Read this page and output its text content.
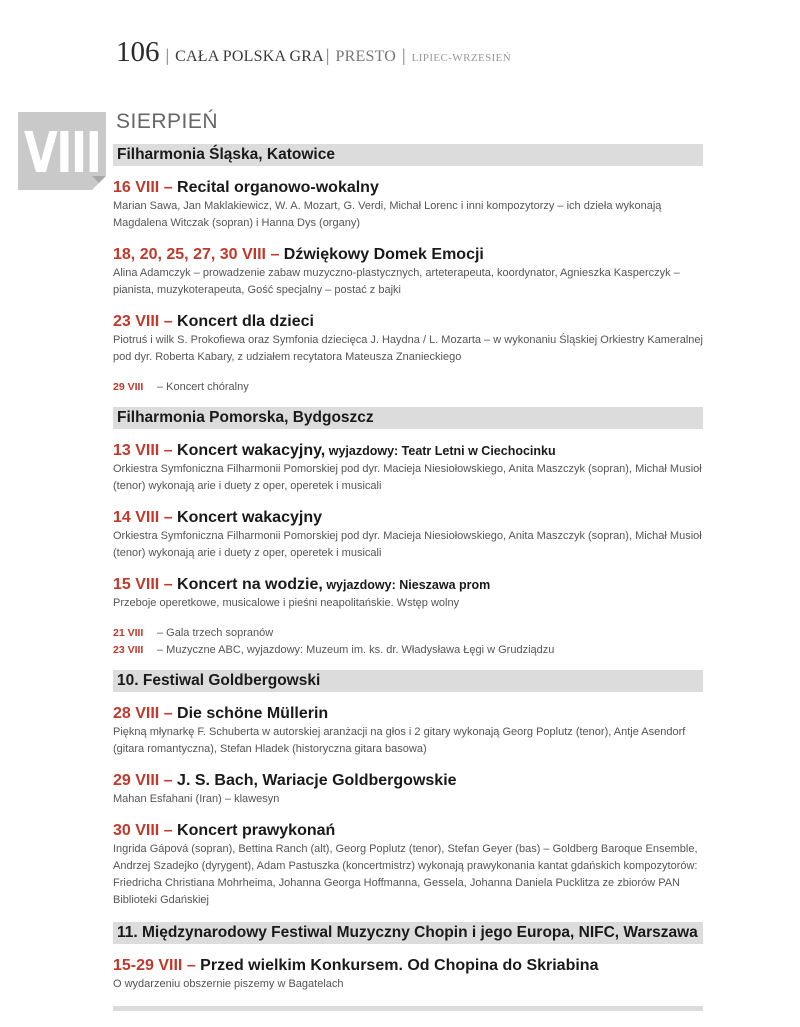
106 | CAŁA POLSKA GRA | PRESTO | LIPIEC-WRZESIEŃ
VIII SIERPIEŃ
Filharmonia Śląska, Katowice
16 VIII – Recital organowo-wokalny
Marian Sawa, Jan Maklakiewicz, W. A. Mozart, G. Verdi, Michał Lorenc i inni kompozytorzy – ich dzieła wykonają Magdalena Witczak (sopran) i Hanna Dys (organy)
18, 20, 25, 27, 30 VIII – Dźwiękowy Domek Emocji
Alina Adamczyk – prowadzenie zabaw muzyczno-plastycznych, arteterapeuta, koordynator, Agnieszka Kasperczyk – pianista, muzykoterapeuta, Gość specjalny – postać z bajki
23 VIII – Koncert dla dzieci
Piotruś i wilk S. Prokofiewa oraz Symfonia dziecięca J. Haydna / L. Mozarta – w wykonaniu Śląskiej Orkiestry Kameralnej pod dyr. Roberta Kabary, z udziałem recytatora Mateusza Znanieckiego
29 VIII – Koncert chóralny
Filharmonia Pomorska, Bydgoszcz
13 VIII – Koncert wakacyjny, wyjazdowy: Teatr Letni w Ciechocinku
Orkiestra Symfoniczna Filharmonii Pomorskiej pod dyr. Macieja Niesiołowskiego, Anita Maszczyk (sopran), Michał Musioł (tenor) wykonają arie i duety z oper, operetek i musicali
14 VIII – Koncert wakacyjny
Orkiestra Symfoniczna Filharmonii Pomorskiej pod dyr. Macieja Niesiołowskiego, Anita Maszczyk (sopran), Michał Musioł (tenor) wykonają arie i duety z oper, operetek i musicali
15 VIII – Koncert na wodzie, wyjazdowy: Nieszawa prom
Przeboje operetkowe, musicalowe i pieśni neapolitańskie. Wstęp wolny
21 VIII – Gala trzech sopranów
23 VIII – Muzyczne ABC, wyjazdowy: Muzeum im. ks. dr. Władysława Łęgi w Grudziądzu
10. Festiwal Goldbergowski
28 VIII – Die schöne Müllerin
Piękną młynarkę F. Schuberta w autorskiej aranżacji na głos i 2 gitary wykonają Georg Poplutz (tenor), Antje Asendorf (gitara romantyczna), Stefan Hladek (historyczna gitara basowa)
29 VIII – J. S. Bach, Wariacje Goldbergowskie
Mahan Esfahani (Iran) – klawesyn
30 VIII – Koncert prawykonań
Ingrida Gápová (sopran), Bettina Ranch (alt), Georg Poplutz (tenor), Stefan Geyer (bas) – Goldberg Baroque Ensemble, Andrzej Szadejko (dyrygent), Adam Pastuszka (koncertmistrz) wykonają prawykonania kantat gdańskich kompozytorów: Friedricha Christiana Mohrheima, Johanna Georga Hoffmanna, Gessela, Johanna Daniela Pucklitza ze zbiorów PAN Biblioteki Gdańskiej
11. Międzynarodowy Festiwal Muzyczny Chopin i jego Europa, NIFC, Warszawa
15-29 VIII – Przed wielkim Konkursem. Od Chopina do Skriabina
O wydarzeniu obszernie piszemy w Bagatelach
